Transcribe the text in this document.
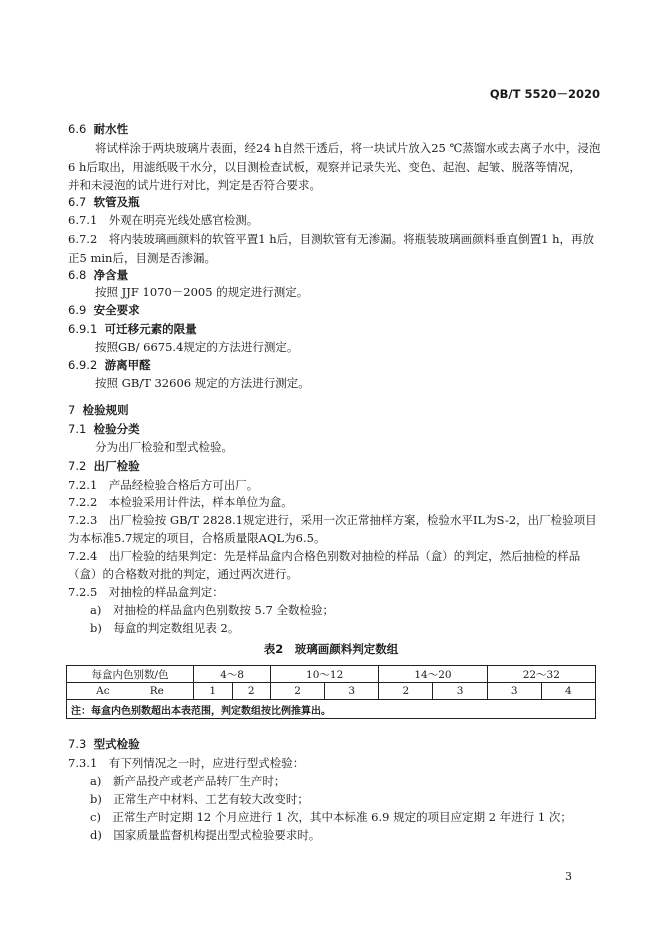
QB/T 5520－2020
6.6 耐水性
将试样涂于两块玻璃片表面，经24 h自然干透后，将一块试片放入25 ℃蒸馏水或去离子水中，浸泡
6 h后取出，用滤纸吸干水分，以目测检查试板，观察并记录失光、变色、起泡、起皱、脱落等情况，
并和未浸泡的试片进行对比，判定是否符合要求。
6.7 软管及瓶
6.7.1　外观在明亮光线处感官检测。
6.7.2　将内装玻璃画颜料的软管平置1 h后，目测软管有无渗漏。将瓶装玻璃画颜料垂直倒置1 h，再放
正5 min后，目测是否渗漏。
6.8 净含量
按照 JJF 1070－2005 的规定进行测定。
6.9 安全要求
6.9.1 可迁移元素的限量
按照GB/ 6675.4规定的方法进行测定。
6.9.2 游离甲醛
按照 GB/T 32606 规定的方法进行测定。
7 检验规则
7.1 检验分类
分为出厂检验和型式检验。
7.2 出厂检验
7.2.1　产品经检验合格后方可出厂。
7.2.2　本检验采用计件法，样本单位为盒。
7.2.3　出厂检验按 GB/T 2828.1规定进行，采用一次正常抽样方案，检验水平IL为S-2，出厂检验项目
为本标准5.7规定的项目，合格质量限AQL为6.5。
7.2.4　出厂检验的结果判定：先是样品盒内合格色别数对抽检的样品（盒）的判定，然后抽检的样品
（盒）的合格数对批的判定，通过两次进行。
7.2.5　对抽检的样品盒判定：
a)　对抽检的样品盒内色别数按 5.7 全数检验；
b)　每盒的判定数组见表 2。
表2　玻璃画颜料判定数组
每盒内色别数/色	4～8		10～12		14～20		22～32	
Ac Re	1	2	2	3	2	3	3	4
注：每盒内色别数超出本表范围，判定数组按比例推算出。								
7.3 型式检验
7.3.1　有下列情况之一时，应进行型式检验：
a)　新产品投产或老产品转厂生产时；
b)　正常生产中材料、工艺有较大改变时；
c)　正常生产时定期 12 个月应进行 1 次，其中本标准 6.9 规定的项目应定期 2 年进行 1 次；
d)　国家质量监督机构提出型式检验要求时。
3
